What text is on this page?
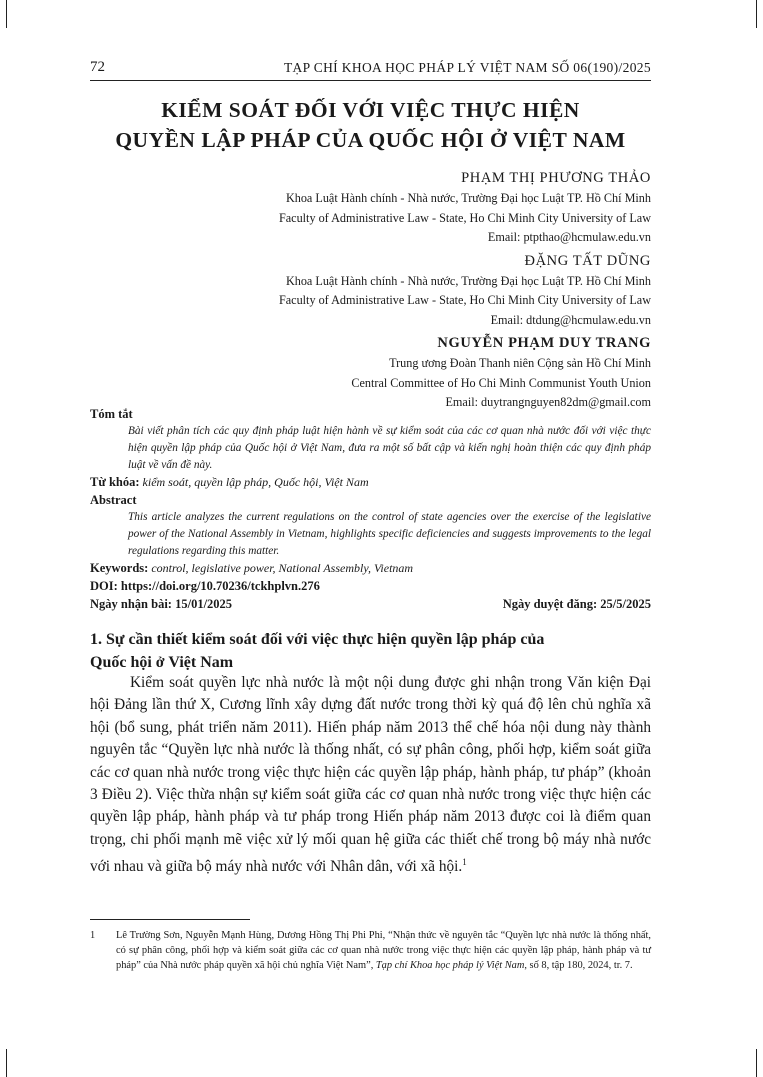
72	TẠP CHÍ KHOA HỌC PHÁP LÝ VIỆT NAM SỐ 06(190)/2025
KIỂM SOÁT ĐỐI VỚI VIỆC THỰC HIỆN
QUYỀN LẬP PHÁP CỦA QUỐC HỘI Ở VIỆT NAM
PHẠM THỊ PHƯƠNG THẢO
Khoa Luật Hành chính - Nhà nước, Trường Đại học Luật TP. Hồ Chí Minh
Faculty of Administrative Law - State, Ho Chi Minh City University of Law
Email: ptpthao@hcmulaw.edu.vn
ĐẶNG TẤT DŨNG
Khoa Luật Hành chính - Nhà nước, Trường Đại học Luật TP. Hồ Chí Minh
Faculty of Administrative Law - State, Ho Chi Minh City University of Law
Email: dtdung@hcmulaw.edu.vn
NGUYỄN PHẠM DUY TRANG
Trung ương Đoàn Thanh niên Cộng sản Hồ Chí Minh
Central Committee of Ho Chi Minh Communist Youth Union
Email: duytrangnguyen82dm@gmail.com
Tóm tắt
Bài viết phân tích các quy định pháp luật hiện hành về sự kiểm soát của các cơ quan nhà nước đối với việc thực hiện quyền lập pháp của Quốc hội ở Việt Nam, đưa ra một số bất cập và kiến nghị hoàn thiện các quy định pháp luật về vấn đề này.
Từ khóa: kiểm soát, quyền lập pháp, Quốc hội, Việt Nam
Abstract
This article analyzes the current regulations on the control of state agencies over the exercise of the legislative power of the National Assembly in Vietnam, highlights specific deficiencies and suggests improvements to the legal regulations regarding this matter.
Keywords: control, legislative power, National Assembly, Vietnam
DOI: https://doi.org/10.70236/tckhplvn.276
Ngày nhận bài: 15/01/2025	Ngày duyệt đăng: 25/5/2025
1. Sự cần thiết kiểm soát đối với việc thực hiện quyền lập pháp của
Quốc hội ở Việt Nam
Kiểm soát quyền lực nhà nước là một nội dung được ghi nhận trong Văn kiện Đại hội Đảng lần thứ X, Cương lĩnh xây dựng đất nước trong thời kỳ quá độ lên chủ nghĩa xã hội (bổ sung, phát triển năm 2011). Hiến pháp năm 2013 thể chế hóa nội dung này thành nguyên tắc “Quyền lực nhà nước là thống nhất, có sự phân công, phối hợp, kiểm soát giữa các cơ quan nhà nước trong việc thực hiện các quyền lập pháp, hành pháp, tư pháp” (khoản 3 Điều 2). Việc thừa nhận sự kiểm soát giữa các cơ quan nhà nước trong việc thực hiện các quyền lập pháp, hành pháp và tư pháp trong Hiến pháp năm 2013 được coi là điểm quan trọng, chi phối mạnh mẽ việc xử lý mối quan hệ giữa các thiết chế trong bộ máy nhà nước với nhau và giữa bộ máy nhà nước với Nhân dân, với xã hội.$^1$
1 Lê Trường Sơn, Nguyễn Mạnh Hùng, Dương Hồng Thị Phi Phi, “Nhận thức về nguyên tắc “Quyền lực nhà nước là thống nhất, có sự phân công, phối hợp và kiểm soát giữa các cơ quan nhà nước trong việc thực hiện các quyền lập pháp, hành pháp và tư pháp” của Nhà nước pháp quyền xã hội chủ nghĩa Việt Nam”, Tạp chí Khoa học pháp lý Việt Nam, số 8, tập 180, 2024, tr. 7.
